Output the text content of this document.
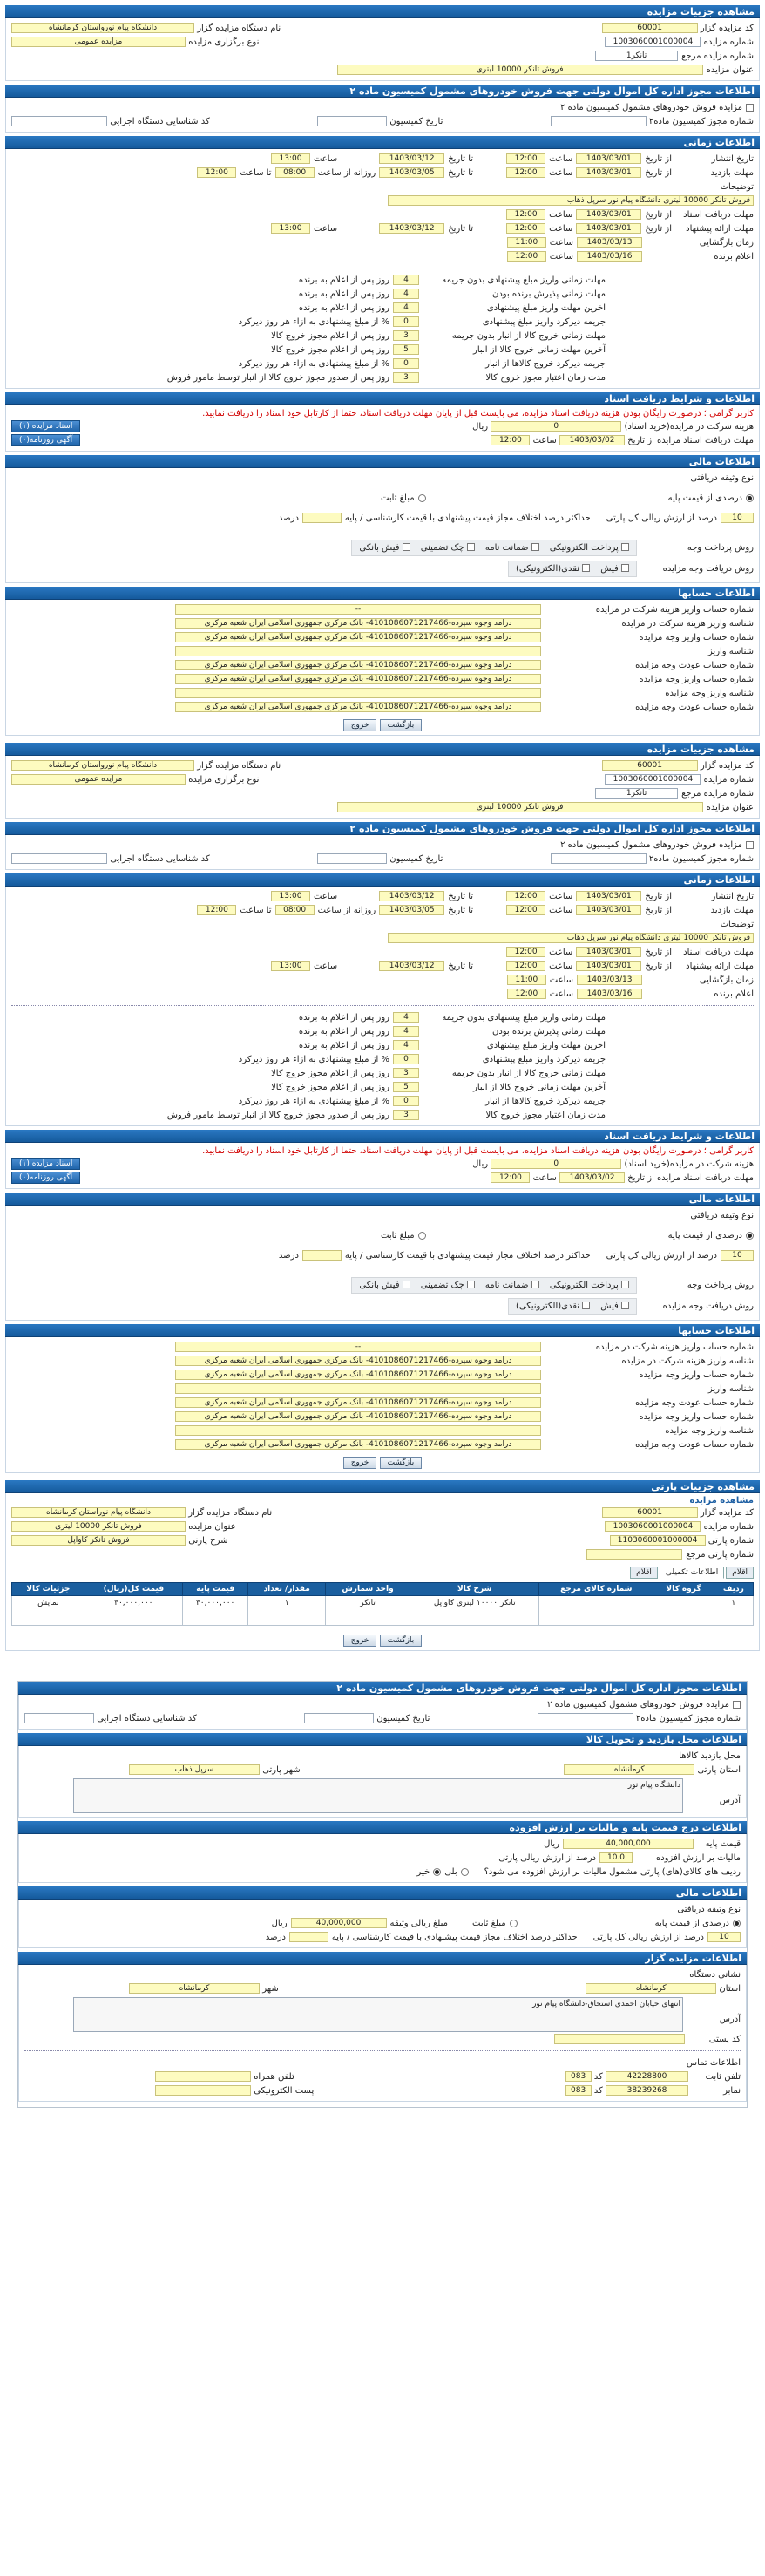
مشاهده جزییات مزایده
کد مزایده گزار 60001
نام دستگاه مزایده گزار دانشگاه پیام نورواستان کرمانشاه
شماره مزایده 1003060001000004
نوع برگزاری مزایده مزایده عمومی
شماره مزایده مرجع
تانکر1
عنوان مزایده
فروش تانکر 10000 لیتری
اطلاعات مجوز اداره کل اموال دولتی جهت فروش خودروهای مشمول کمیسیون ماده ۲
مزایده فروش خودروهای مشمول کمیسیون ماده ۲
شماره مجوز کمیسیون ماده۲
تاریخ کمیسیون
کد شناسایی دستگاه اجرایی
اطلاعات زمانی
تاریخ انتشار
از تاریخ
1403/03/01
ساعت
12:00
تا تاریخ
1403/03/12
ساعت
13:00
مهلت بازدید
از تاریخ
1403/03/01
ساعت
12:00
تا تاریخ
1403/03/05
روزانه از ساعت
08:00
تا ساعت
12:00
توضیحات
فروش تانکر 10000 لیتری دانشگاه پیام نور سرپل ذهاب
مهلت دریافت اسناد
از تاریخ
1403/03/01
ساعت
12:00
مهلت ارائه پیشنهاد
از تاریخ
1403/03/01
ساعت
12:00
تا تاریخ
1403/03/12
ساعت
13:00
زمان بازگشایی
1403/03/13
ساعت
11:00
اعلام برنده
1403/03/16
ساعت
12:00
مهلت زمانی واریز مبلغ پیشنهادی بدون جریمه
4
روز پس از اعلام به برنده
مهلت زمانی پذیرش برنده بودن
4
روز پس از اعلام به برنده
اخرین مهلت واریز مبلغ پیشنهادی
4
روز پس از اعلام به برنده
جریمه دیرکرد واریز مبلغ پیشنهادی
0
% از مبلغ پیشنهادی به ازاء هر روز دیرکرد
مهلت زمانی خروج کالا از انبار بدون جریمه
3
روز پس از اعلام مجوز خروج کالا
آخرین مهلت زمانی خروج کالا از انبار
5
روز پس از اعلام مجوز خروج کالا
جریمه دیرکرد خروج کالاها از انبار
0
% از مبلغ پیشنهادی به ازاء هر روز دیرکرد
مدت زمان اعتبار مجوز خروج کالا
3
روز پس از صدور مجوز خروج کالا از انبار توسط مامور فروش
اطلاعات و شرایط دریافت اسناد
کاربر گرامی ؛ درصورت رایگان بودن هزینه دریافت اسناد مزایده، می بایست قبل از پایان مهلت دریافت اسناد، حتما از کارتابل خود اسناد را دریافت نمایید.
هزینه شرکت در مزایده(خرید اسناد) 0 ریال
اسناد مزایده (۱)
مهلت دریافت اسناد مزایده از تاریخ 1403/03/02 ساعت 12:00
آگهی روزنامه(۰)
اطلاعات مالی
نوع وثیقه دریافتی
درصدی از قیمت پایه
مبلغ ثابت
10
درصد از ارزش ریالی کل پارتی
حداکثر درصد اختلاف مجاز قیمت پیشنهادی با قیمت کارشناسی / پایه
درصد
روش پرداخت وجه
پرداخت الکترونیکی
ضمانت نامه
چک تضمینی
فیش بانکی
روش دریافت وجه مزایده
فیش
نقدی(الکترونیکی)
اطلاعات حسابها
شماره حساب واریز هزینه شرکت در مزایده
--
شناسه واریز هزینه شرکت در مزایده
درآمد وجوه سپرده-4101086071217466- بانک مرکزی جمهوری اسلامی ایران شعبه مرکزی
شماره حساب واریز وجه مزایده
درآمد وجوه سپرده-4101086071217466- بانک مرکزی جمهوری اسلامی ایران شعبه مرکزی
شناسه واریز
شماره حساب عودت وجه مزایده
درآمد وجوه سپرده-4101086071217466- بانک مرکزی جمهوری اسلامی ایران شعبه مرکزی
شماره حساب واریز وجه مزایده
درآمد وجوه سپرده-4101086071217466- بانک مرکزی جمهوری اسلامی ایران شعبه مرکزی
شناسه واریز وجه مزایده
شماره حساب عودت وجه مزایده
درآمد وجوه سپرده-4101086071217466- بانک مرکزی جمهوری اسلامی ایران شعبه مرکزی
بازگشت خروج
مشاهده جزییات مزایده
کد مزایده گزار 60001
نام دستگاه مزایده گزار دانشگاه پیام نورواستان کرمانشاه
شماره مزایده 1003060001000004
نوع برگزاری مزایده مزایده عمومی
شماره مزایده مرجع
تانکر1
عنوان مزایده
فروش تانکر 10000 لیتری
اطلاعات مجوز اداره کل اموال دولتی جهت فروش خودروهای مشمول کمیسیون ماده ۲
مزایده فروش خودروهای مشمول کمیسیون ماده ۲
شماره مجوز کمیسیون ماده۲
تاریخ کمیسیون
کد شناسایی دستگاه اجرایی
اطلاعات زمانی
تاریخ انتشار
از تاریخ
1403/03/01
ساعت
12:00
تا تاریخ
1403/03/12
ساعت
13:00
مهلت بازدید
از تاریخ
1403/03/01
ساعت
12:00
تا تاریخ
1403/03/05
روزانه از ساعت
08:00
تا ساعت
12:00
توضیحات
فروش تانکر 10000 لیتری دانشگاه پیام نور سرپل ذهاب
مهلت دریافت اسناد
از تاریخ
1403/03/01
ساعت
12:00
مهلت ارائه پیشنهاد
از تاریخ
1403/03/01
ساعت
12:00
تا تاریخ
1403/03/12
ساعت
13:00
زمان بازگشایی
1403/03/13
ساعت
11:00
اعلام برنده
1403/03/16
ساعت
12:00
مهلت زمانی واریز مبلغ پیشنهادی بدون جریمه
4
روز پس از اعلام به برنده
مهلت زمانی پذیرش برنده بودن
4
روز پس از اعلام به برنده
اخرین مهلت واریز مبلغ پیشنهادی
4
روز پس از اعلام به برنده
جریمه دیرکرد واریز مبلغ پیشنهادی
0
% از مبلغ پیشنهادی به ازاء هر روز دیرکرد
مهلت زمانی خروج کالا از انبار بدون جریمه
3
روز پس از اعلام مجوز خروج کالا
آخرین مهلت زمانی خروج کالا از انبار
5
روز پس از اعلام مجوز خروج کالا
جریمه دیرکرد خروج کالاها از انبار
0
% از مبلغ پیشنهادی به ازاء هر روز دیرکرد
مدت زمان اعتبار مجوز خروج کالا
3
روز پس از صدور مجوز خروج کالا از انبار توسط مامور فروش
اطلاعات و شرایط دریافت اسناد
کاربر گرامی ؛ درصورت رایگان بودن هزینه دریافت اسناد مزایده، می بایست قبل از پایان مهلت دریافت اسناد، حتما از کارتابل خود اسناد را دریافت نمایید.
هزینه شرکت در مزایده(خرید اسناد) 0 ریال
اسناد مزایده (۱)
مهلت دریافت اسناد مزایده از تاریخ 1403/03/02 ساعت 12:00
آگهی روزنامه(۰)
اطلاعات مالی
نوع وثیقه دریافتی
درصدی از قیمت پایه
مبلغ ثابت
10
درصد از ارزش ریالی کل پارتی
حداکثر درصد اختلاف مجاز قیمت پیشنهادی با قیمت کارشناسی / پایه
درصد
روش پرداخت وجه
پرداخت الکترونیکی
ضمانت نامه
چک تضمینی
فیش بانکی
روش دریافت وجه مزایده
فیش
نقدی(الکترونیکی)
اطلاعات حسابها
شماره حساب واریز هزینه شرکت در مزایده
--
شناسه واریز هزینه شرکت در مزایده
درآمد وجوه سپرده-4101086071217466- بانک مرکزی جمهوری اسلامی ایران شعبه مرکزی
شماره حساب واریز وجه مزایده
درآمد وجوه سپرده-4101086071217466- بانک مرکزی جمهوری اسلامی ایران شعبه مرکزی
شناسه واریز
شماره حساب عودت وجه مزایده
درآمد وجوه سپرده-4101086071217466- بانک مرکزی جمهوری اسلامی ایران شعبه مرکزی
شماره حساب واریز وجه مزایده
درآمد وجوه سپرده-4101086071217466- بانک مرکزی جمهوری اسلامی ایران شعبه مرکزی
شناسه واریز وجه مزایده
شماره حساب عودت وجه مزایده
درآمد وجوه سپرده-4101086071217466- بانک مرکزی جمهوری اسلامی ایران شعبه مرکزی
بازگشت خروج
مشاهده جزییات پارتی
مشاهده مزایده
کد مزایده گزار 60001
نام دستگاه مزایده گزار دانشگاه پیام نوراستان کرمانشاه
شماره مزایده 1003060001000004
عنوان مزایده فروش تانکر 10000 لیتری
شماره پارتی 1103060001000004
شرح پارتی فروش تانکر کاواپل
شماره پارتی مرجع
اقلام
اطلاعات تکمیلی
اقلام
ردیف	گروه کالا	شماره کالای مرجع	شرح کالا	واحد شمارش	مقدار/ تعداد	قیمت پایه	قیمت کل(ریال)	جزئیات کالا
۱			تانکر ۱۰۰۰۰ لیتری کاواپل	تانکر	۱	۴۰,۰۰۰,۰۰۰	۴۰,۰۰۰,۰۰۰	نمایش
بازگشت خروج
اطلاعات مجوز اداره کل اموال دولتی جهت فروش خودروهای مشمول کمیسیون ماده ۲
مزایده فروش خودروهای مشمول کمیسیون ماده ۲
شماره مجوز کمیسیون ماده۲
تاریخ کمیسیون
کد شناسایی دستگاه اجرایی
اطلاعات محل بازدید و تحویل کالا
محل بازدید کالاها
استان پارتی کرمانشاه
شهر پارتی سرپل ذهاب
آدرس
دانشگاه پیام نور
اطلاعات درج قیمت پایه و مالیات بر ارزش افزوده
قیمت پایه
40,000,000
ریال
مالیات بر ارزش افزوده
10.0
درصد از ارزش ریالی پارتی
ردیف های کالای(های) پارتی مشمول مالیات بر ارزش افزوده می شود؟
بلی
خیر
اطلاعات مالی
نوع وثیقه دریافتی
درصدی از قیمت پایه
مبلغ ثابت
مبلغ ریالی وثیقه
40,000,000
ریال
10
درصد از ارزش ریالی کل پارتی
حداکثر درصد اختلاف مجاز قیمت پیشنهادی با قیمت کارشناسی / پایه
درصد
اطلاعات مزایده گزار
نشانی دستگاه
استان کرمانشاه
شهر کرمانشاه
آدرس
انتهای خیابان احمدی استخاق-دانشگاه پیام نور
کد پستی
اطلاعات تماس
تلفن ثابت42228800 کد 083
تلفن همراه
نمابر38239268 کد 083
پست الکترونیکی
